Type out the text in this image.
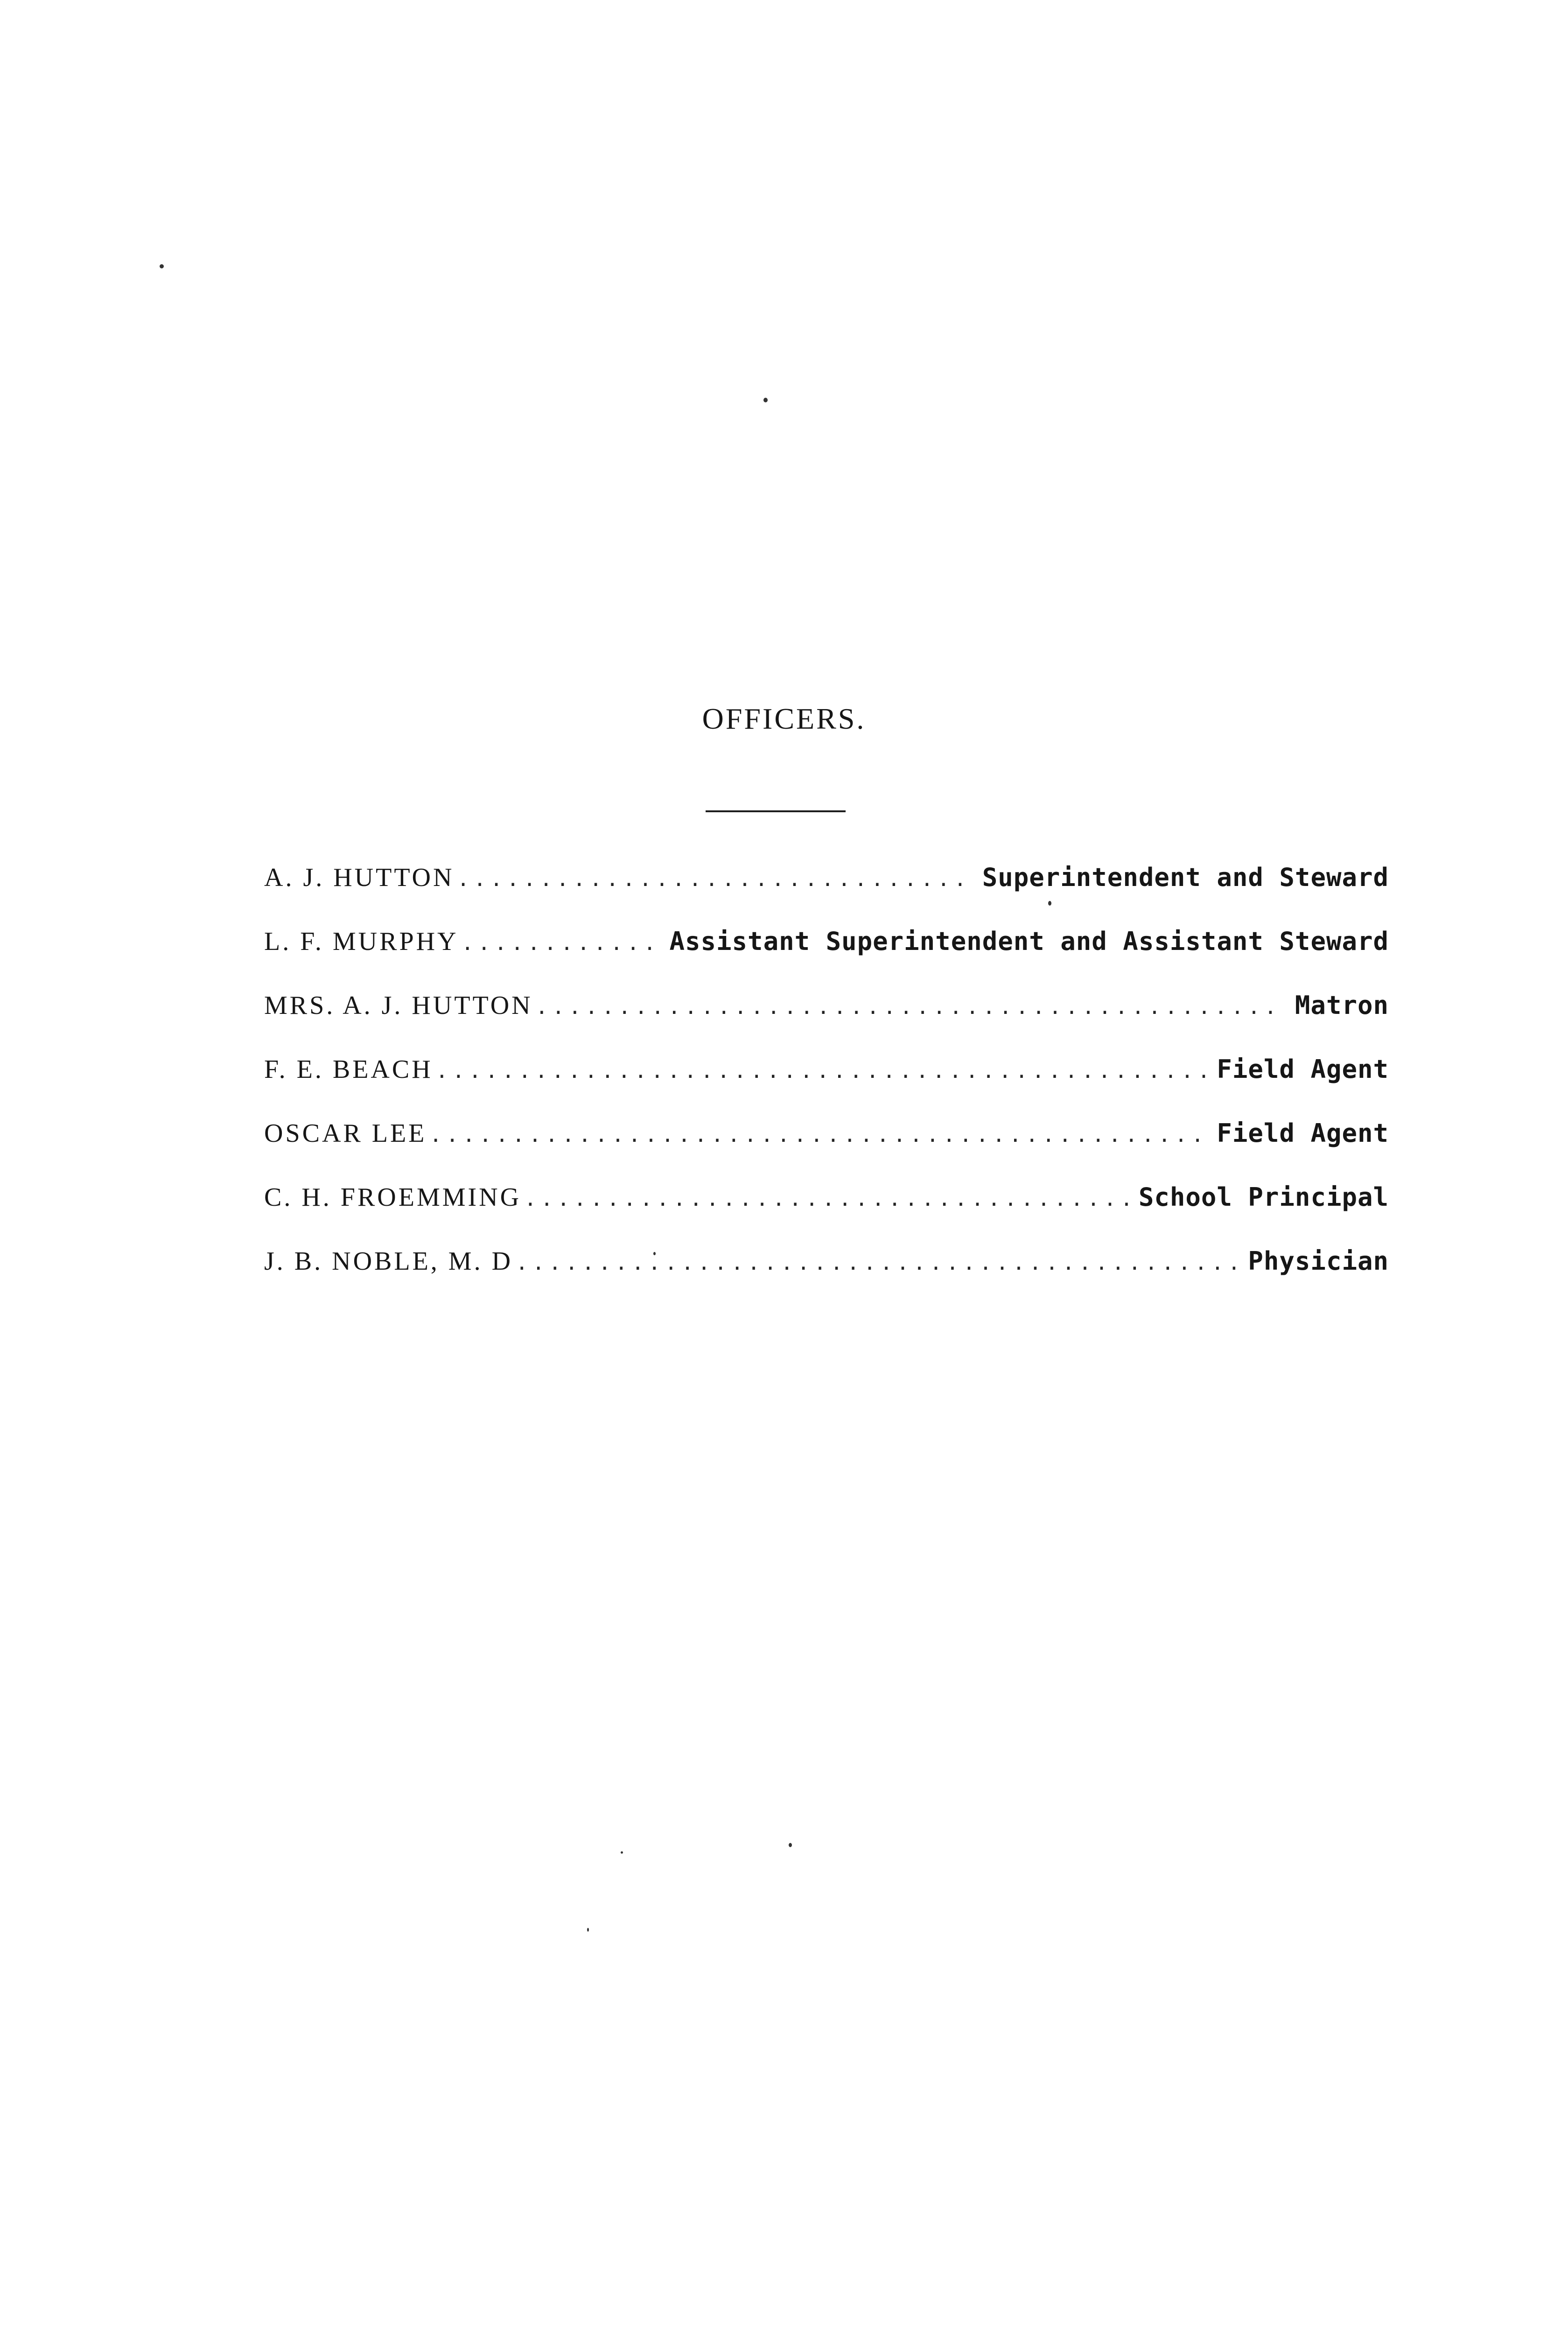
OFFICERS.
A. J. HUTTON .....	Superintendent and Steward
L. F. MURPHY .....	Assistant Superintendent and Assistant Steward
MRS. A. J. HUTTON .....	Matron
F. E. BEACH .....	Field Agent
OSCAR LEE .....	Field Agent
C. H. FROEMMING .....	School Principal
J. B. NOBLE, M. D .....	Physician
